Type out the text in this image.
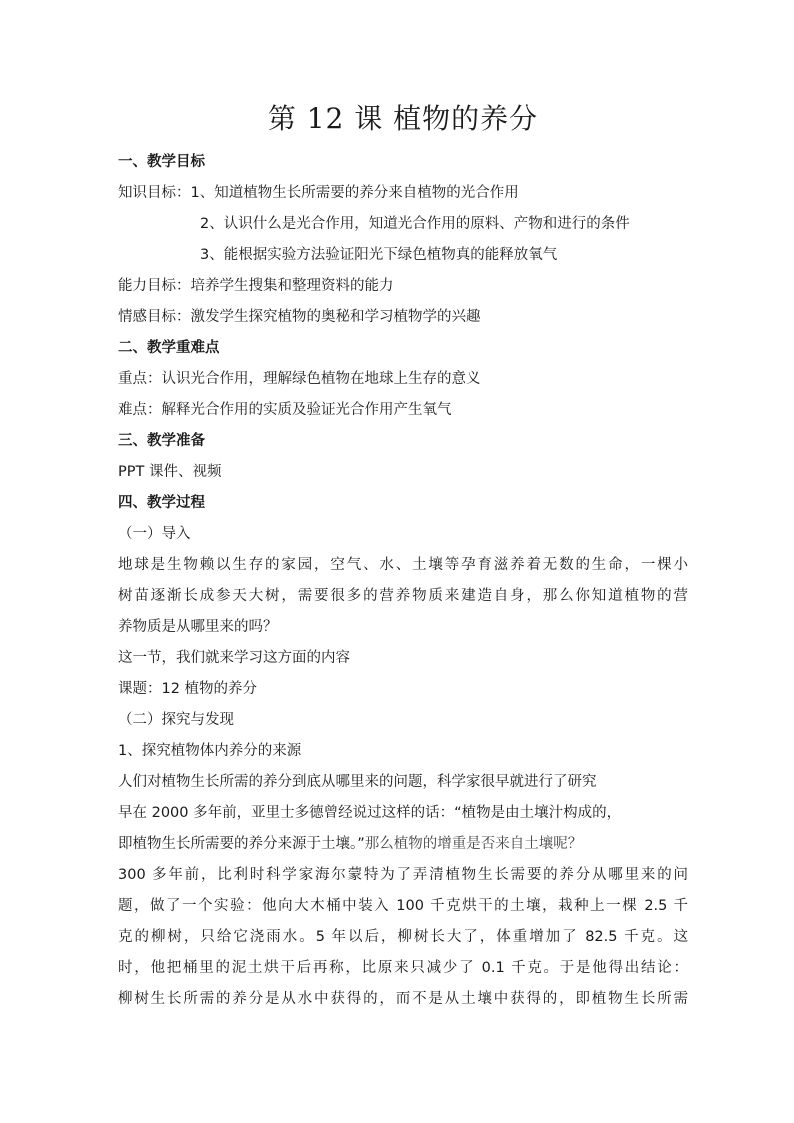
第 12 课 植物的养分
一、教学目标
知识目标：1、知道植物生长所需要的养分来自植物的光合作用
2、认识什么是光合作用，知道光合作用的原料、产物和进行的条件
3、能根据实验方法验证阳光下绿色植物真的能释放氧气
能力目标：培养学生搜集和整理资料的能力
情感目标：激发学生探究植物的奥秘和学习植物学的兴趣
二、教学重难点
重点：认识光合作用，理解绿色植物在地球上生存的意义
难点：解释光合作用的实质及验证光合作用产生氧气
三、教学准备
PPT 课件、视频
四、教学过程
（一）导入
地球是生物赖以生存的家园，空气、水、土壤等孕育滋养着无数的生命，一棵小
树苗逐渐长成参天大树，需要很多的营养物质来建造自身，那么你知道植物的营
养物质是从哪里来的吗？
这一节，我们就来学习这方面的内容
课题：12 植物的养分
（二）探究与发现
1、探究植物体内养分的来源
人们对植物生长所需的养分到底从哪里来的问题，科学家很早就进行了研究
早在 2000 多年前，亚里士多德曾经说过这样的话：“植物是由土壤汁构成的，
即植物生长所需要的养分来源于土壤。”那么植物的增重是否来自土壤呢？
300 多年前，比利时科学家海尔蒙特为了弄清植物生长需要的养分从哪里来的问
题，做了一个实验：他向大木桶中装入 100 千克烘干的土壤，栽种上一棵 2.5 千
克的柳树，只给它浇雨水。5 年以后，柳树长大了，体重增加了 82.5 千克。这
时，他把桶里的泥土烘干后再称，比原来只减少了 0.1 千克。于是他得出结论：
柳树生长所需的养分是从水中获得的，而不是从土壤中获得的，即植物生长所需
